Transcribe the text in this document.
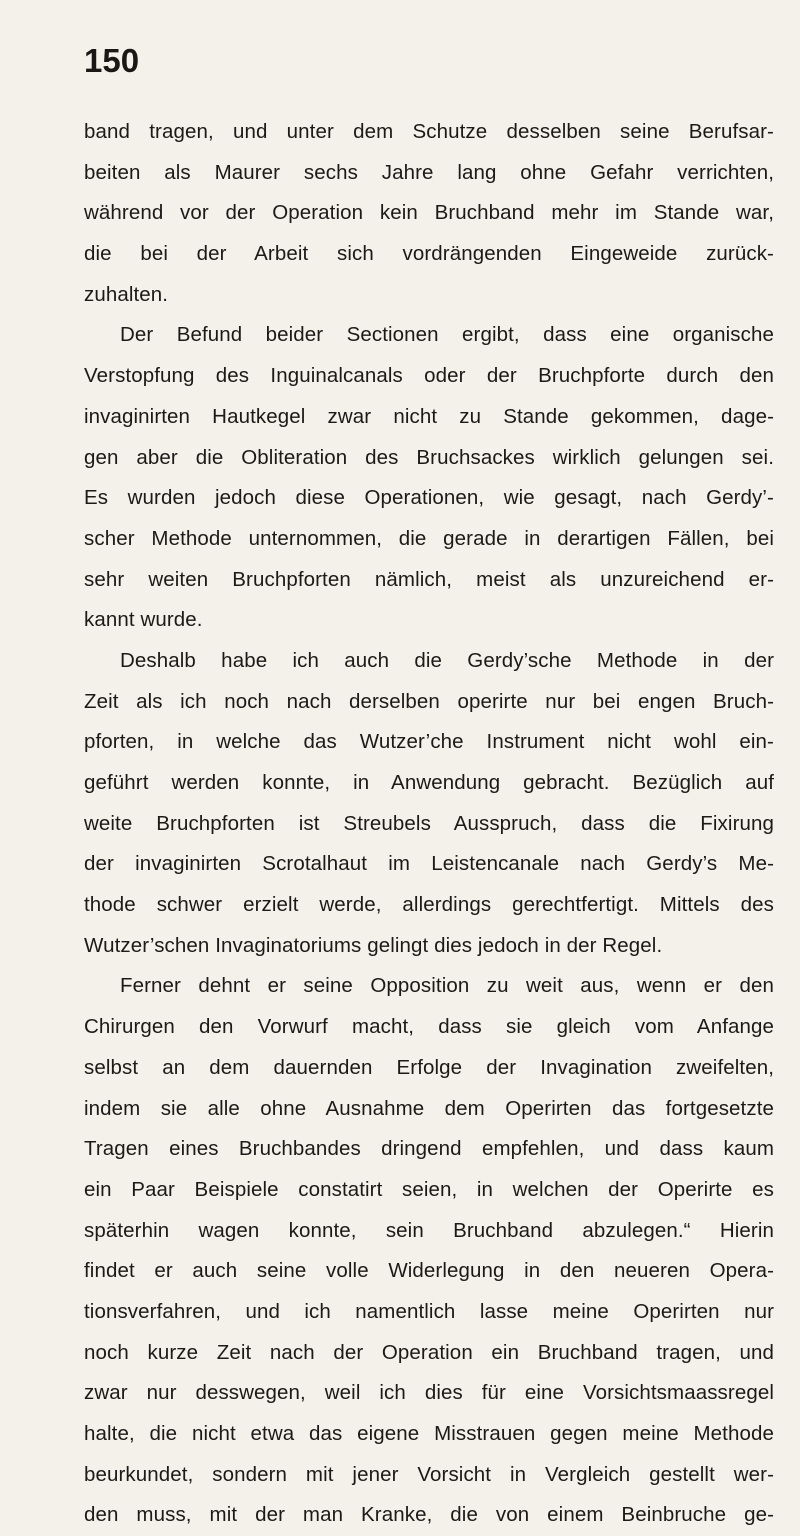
150
band tragen, und unter dem Schutze desselben seine Berufsar-
beiten als Maurer sechs Jahre lang ohne Gefahr verrichten,
während vor der Operation kein Bruchband mehr im Stande war,
die bei der Arbeit sich vordrängenden Eingeweide zurück-
zuhalten.
Der Befund beider Sectionen ergibt, dass eine organische
Verstopfung des Inguinalcanals oder der Bruchpforte durch den
invaginirten Hautkegel zwar nicht zu Stande gekommen, dage-
gen aber die Obliteration des Bruchsackes wirklich gelungen sei.
Es wurden jedoch diese Operationen, wie gesagt, nach Gerdy’-
scher Methode unternommen, die gerade in derartigen Fällen, bei
sehr weiten Bruchpforten nämlich, meist als unzureichend er-
kannt wurde.
Deshalb habe ich auch die Gerdy’sche Methode in der
Zeit als ich noch nach derselben operirte nur bei engen Bruch-
pforten, in welche das Wutzer’che Instrument nicht wohl ein-
geführt werden konnte, in Anwendung gebracht. Bezüglich auf
weite Bruchpforten ist Streubels Ausspruch, dass die Fixirung
der invaginirten Scrotalhaut im Leistencanale nach Gerdy’s Me-
thode schwer erzielt werde, allerdings gerechtfertigt. Mittels des
Wutzer’schen Invaginatoriums gelingt dies jedoch in der Regel.
Ferner dehnt er seine Opposition zu weit aus, wenn er den
Chirurgen den Vorwurf macht, dass sie gleich vom Anfange
selbst an dem dauernden Erfolge der Invagination zweifelten,
indem sie alle ohne Ausnahme dem Operirten das fortgesetzte
Tragen eines Bruchbandes dringend empfehlen, und dass kaum
ein Paar Beispiele constatirt seien, in welchen der Operirte es
späterhin wagen konnte, sein Bruchband abzulegen.“ Hierin
findet er auch seine volle Widerlegung in den neueren Opera-
tionsverfahren, und ich namentlich lasse meine Operirten nur
noch kurze Zeit nach der Operation ein Bruchband tragen, und
zwar nur desswegen, weil ich dies für eine Vorsichtsmaassregel
halte, die nicht etwa das eigene Misstrauen gegen meine Methode
beurkundet, sondern mit jener Vorsicht in Vergleich gestellt wer-
den muss, mit der man Kranke, die von einem Beinbruche ge-
